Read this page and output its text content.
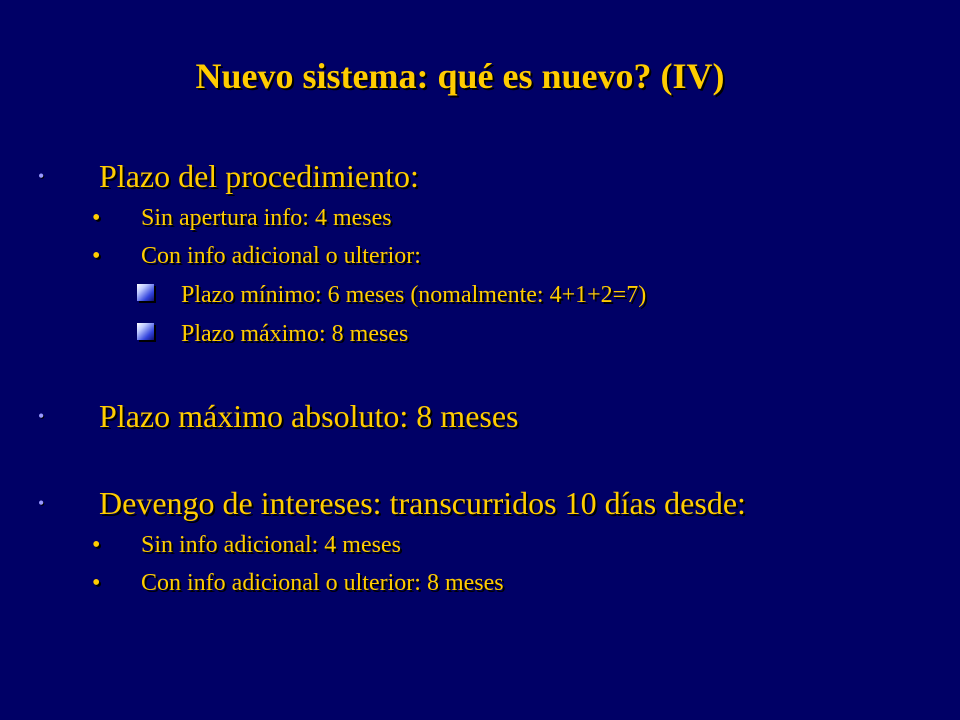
Nuevo sistema: qué es nuevo? (IV)
• Plazo del procedimiento:
• Sin apertura info: 4 meses
• Con info adicional o ulterior:
Plazo mínimo: 6 meses (nomalmente: 4+1+2=7)
Plazo máximo: 8 meses
• Plazo máximo absoluto: 8 meses
• Devengo de intereses: transcurridos 10 días desde:
• Sin info adicional: 4 meses
• Con info adicional o ulterior: 8 meses
